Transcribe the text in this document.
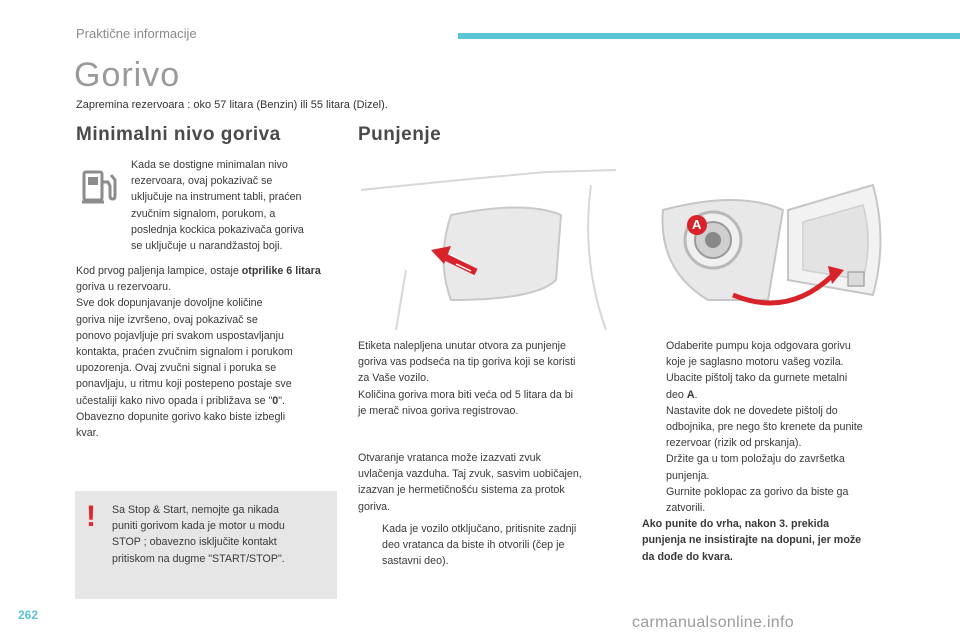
Praktične informacije
Gorivo
Zapremina rezervoara : oko 57 litara (Benzin) ili 55 litara (Dizel).
Minimalni nivo goriva
Kada se dostigne minimalan nivo
rezervoara, ovaj pokazivač se
uključuje na instrument tabli, praćen
zvučnim signalom, porukom, a
poslednja kockica pokazivača goriva
se uključuje u narandžastoj boji.
Kod prvog paljenja lampice, ostaje otprilike 6 litara goriva u rezervoaru.
Sve dok dopunjavanje dovoljne količine
goriva nije izvršeno, ovaj pokazivač se
ponovo pojavljuje pri svakom uspostavljanju
kontakta, praćen zvučnim signalom i porukom
upozorenja. Ovaj zvučni signal i poruka se
ponavljaju, u ritmu koji postepeno postaje sve
učestaliji kako nivo opada i približava se "0".
Obavezno dopunite gorivo kako biste izbegli
kvar.
! Sa Stop & Start, nemojte ga nikada
puniti gorivom kada je motor u modu
STOP ; obavezno isključite kontakt
pritiskom na dugme "START/STOP".
Punjenje
Etiketa nalepljena unutar otvora za punjenje
goriva vas podseća na tip goriva koji se koristi
za Vaše vozilo.
Količina goriva mora biti veća od 5 litara da bi
je merač nivoa goriva registrovao.
Otvaranje vratanca može izazvati zvuk
uvlačenja vazduha. Taj zvuk, sasvim uobičajen,
izazvan je hermetičnošću sistema za protok
goriva.
Kada je vozilo otključano, pritisnite zadnji
deo vratanca da biste ih otvorili (čep je
sastavni deo).
A
Odaberite pumpu koja odgovara gorivu
koje je saglasno motoru vašeg vozila.
Ubacite pištolj tako da gurnete metalni
deo A.
Nastavite dok ne dovedete pištolj do
odbojnika, pre nego što krenete da punite
rezervoar (rizik od prskanja).
Držite ga u tom položaju do završetka
punjenja.
Gurnite poklopac za gorivo da biste ga
zatvorili.
Ako punite do vrha, nakon 3. prekida
punjenja ne insistirajte na dopuni, jer može
da dođe do kvara.
262	carmanualsonline.info
